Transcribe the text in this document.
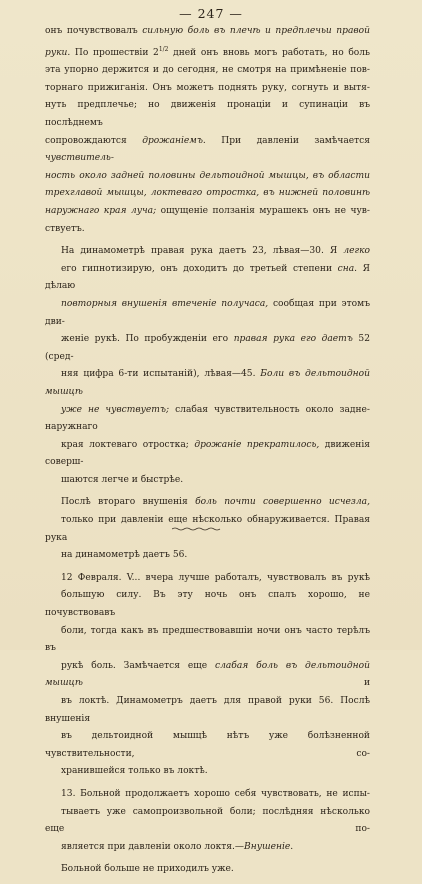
— 247 —
онъ почувствовалъ сильную боль въ плечѣ и предплечьи правой
руки. По прошествіи $2^{1/2}$ дней онъ вновь могъ работать, но боль
эта упорно держится и до сегодня, не смотря на примѣненіе пов-
торнаго прижиганія. Онъ можетъ поднять руку, согнуть и вытя-
нуть предплечье; но движенія пронаціи и супинаціи въ послѣднемъ
сопровождаются дрожаніемъ. При давленіи замѣчается чувствитель-
ность около задней половины дельтоидной мышцы, въ области
трехглавой мышцы, локтеваго отростка, въ нижней половинѣ
наружнаго края луча; ощущеніе ползанія мурашекъ онъ не чув-
ствуетъ.
На динамометрѣ правая рука даетъ 23, лѣвая—30. Я легко
его гипнотизирую, онъ доходитъ до третьей степени сна. Я дѣлаю
повторныя внушенія втеченіе получаса, сообщая при этомъ дви-
женіе рукѣ. По пробужденіи его правая рука его даетъ 52 (сред-
няя цифра 6-ти испытаній), лѣвая—45. Боли въ дельтоидной мышцѣ
уже не чувствуетъ; слабая чувствительность около задне-наружнаго
края локтеваго отростка; дрожаніе прекратилось, движенія соверш-
шаются легче и быстрѣе.
Послѣ втораго внушенія боль почти совершенно исчезла,
только при давленіи еще нѣсколько обнаруживается. Правая рука
на динамометрѣ даетъ 56.
12 Февраля. V... вчера лучше работалъ, чувствовалъ въ рукѣ
большую силу. Въ эту ночь онъ спалъ хорошо, не почувствовавъ
боли, тогда какъ въ предшествовавшіи ночи онъ часто терѣлъ въ
рукѣ боль. Замѣчается еще слабая боль въ дельтоидной мышцѣ и
въ локтѣ. Динамометръ даетъ для правой руки 56. Послѣ внушенія
въ дельтоидной мышцѣ нѣтъ уже болѣзненной чувствительности, со-
хранившейся только въ локтѣ.
13. Больной продолжаетъ хорошо себя чувствовать, не испы-
тываетъ уже самопроизвольной боли; послѣдняя нѣсколько еще по-
является при давленіи около локтя.—Внушеніе.
Больной больше не приходилъ уже.
